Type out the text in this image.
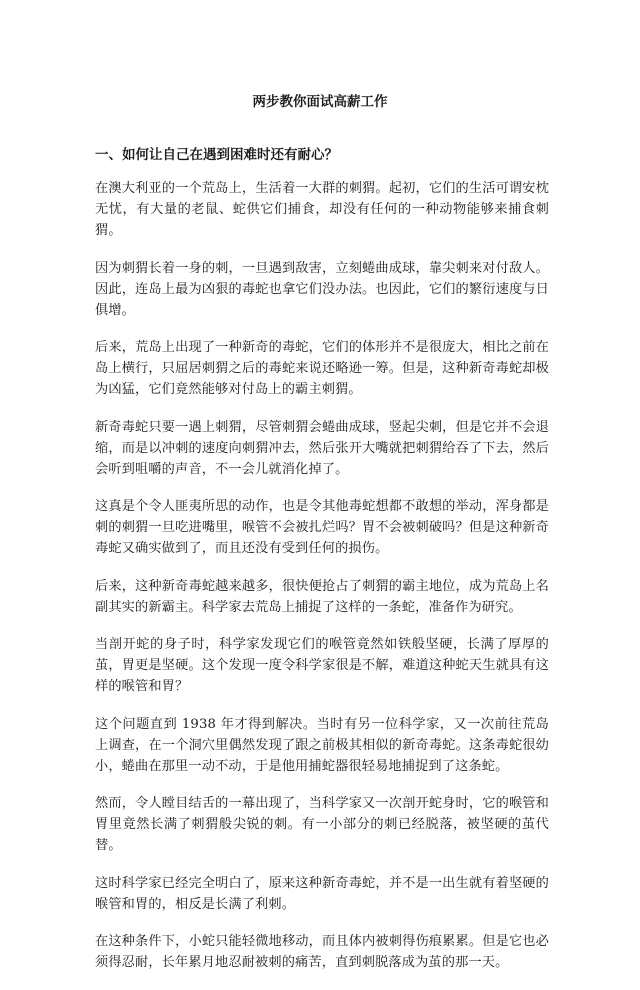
两步教你面试高薪工作
一、如何让自己在遇到困难时还有耐心？

在澳大利亚的一个荒岛上，生活着一大群的刺猬。起初，它们的生活可谓安枕无忧，有大量的老鼠、蛇供它们捕食，却没有任何的一种动物能够来捕食刺猬。

因为刺猬长着一身的刺，一旦遇到敌害，立刻蜷曲成球，靠尖刺来对付敌人。因此，连岛上最为凶狠的毒蛇也拿它们没办法。也因此，它们的繁衍速度与日俱增。

后来，荒岛上出现了一种新奇的毒蛇，它们的体形并不是很庞大，相比之前在岛上横行，只屈居刺猬之后的毒蛇来说还略逊一筹。但是，这种新奇毒蛇却极为凶猛，它们竟然能够对付岛上的霸主刺猬。

新奇毒蛇只要一遇上刺猬，尽管刺猬会蜷曲成球，竖起尖刺，但是它并不会退缩，而是以冲刺的速度向刺猬冲去，然后张开大嘴就把刺猬给吞了下去，然后会听到咀嚼的声音，不一会儿就消化掉了。

这真是个令人匪夷所思的动作，也是令其他毒蛇想都不敢想的举动，浑身都是刺的刺猬一旦吃进嘴里，喉管不会被扎烂吗？胃不会被刺破吗？但是这种新奇毒蛇又确实做到了，而且还没有受到任何的损伤。

后来，这种新奇毒蛇越来越多，很快便抢占了刺猬的霸主地位，成为荒岛上名副其实的新霸主。科学家去荒岛上捕捉了这样的一条蛇，准备作为研究。

当剖开蛇的身子时，科学家发现它们的喉管竟然如铁般坚硬，长满了厚厚的茧，胃更是坚硬。这个发现一度令科学家很是不解，难道这种蛇天生就具有这样的喉管和胃？

这个问题直到 1938 年才得到解决。当时有另一位科学家，又一次前往荒岛上调查，在一个洞穴里偶然发现了跟之前极其相似的新奇毒蛇。这条毒蛇很幼小，蜷曲在那里一动不动，于是他用捕蛇器很轻易地捕捉到了这条蛇。

然而，令人瞠目结舌的一幕出现了，当科学家又一次剖开蛇身时，它的喉管和胃里竟然长满了刺猬般尖锐的刺。有一小部分的刺已经脱落，被坚硬的茧代替。

这时科学家已经完全明白了，原来这种新奇毒蛇，并不是一出生就有着坚硬的喉管和胃的，相反是长满了利刺。

在这种条件下，小蛇只能轻微地移动，而且体内被刺得伤痕累累。但是它也必须得忍耐，长年累月地忍耐被刺的痛苦，直到刺脱落成为茧的那一天。
